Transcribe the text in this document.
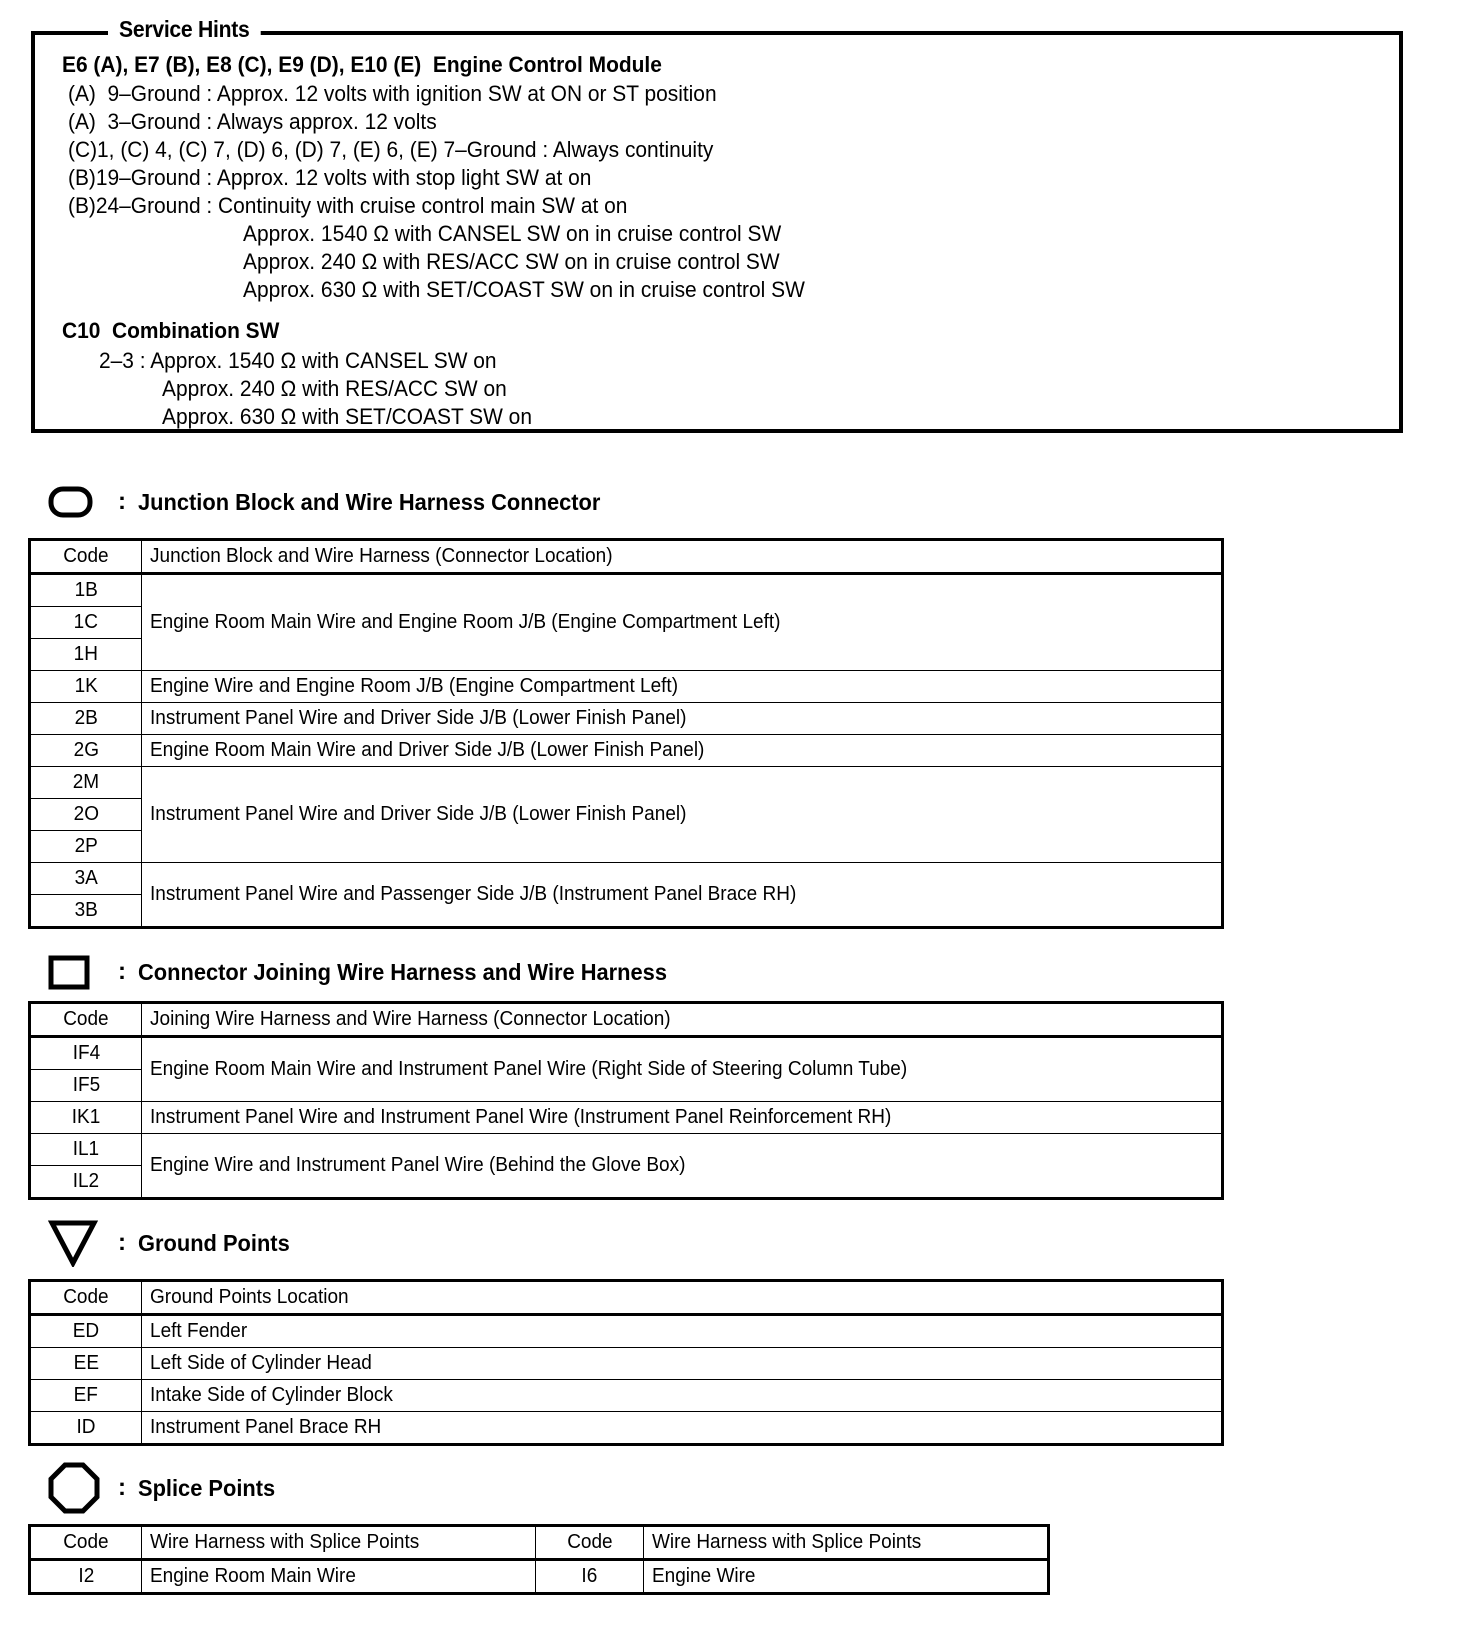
Service Hints
E6 (A), E7 (B), E8 (C), E9 (D), E10 (E)  Engine Control Module
(A)  9–Ground : Approx. 12 volts with ignition SW at ON or ST position
(A)  3–Ground : Always approx. 12 volts
(C)1, (C) 4, (C) 7, (D) 6, (D) 7, (E) 6, (E) 7–Ground : Always continuity
(B)19–Ground : Approx. 12 volts with stop light SW at on
(B)24–Ground : Continuity with cruise control main SW at on
Approx. 1540 Ω with CANSEL SW on in cruise control SW
Approx. 240 Ω with RES/ACC SW on in cruise control SW
Approx. 630 Ω with SET/COAST SW on in cruise control SW
C10  Combination SW
2–3 : Approx. 1540 Ω with CANSEL SW on
Approx. 240 Ω with RES/ACC SW on
Approx. 630 Ω with SET/COAST SW on
: Junction Block and Wire Harness Connector
Code	Junction Block and Wire Harness (Connector Location)
1B	Engine Room Main Wire and Engine Room J/B (Engine Compartment Left)
1C	
1H	
1K	Engine Wire and Engine Room J/B (Engine Compartment Left)
2B	Instrument Panel Wire and Driver Side J/B (Lower Finish Panel)
2G	Engine Room Main Wire and Driver Side J/B (Lower Finish Panel)
2M	Instrument Panel Wire and Driver Side J/B (Lower Finish Panel)
2O	
2P	
3A	Instrument Panel Wire and Passenger Side J/B (Instrument Panel Brace RH)
3B	
: Connector Joining Wire Harness and Wire Harness
Code	Joining Wire Harness and Wire Harness (Connector Location)
IF4	Engine Room Main Wire and Instrument Panel Wire (Right Side of Steering Column Tube)
IF5	
IK1	Instrument Panel Wire and Instrument Panel Wire (Instrument Panel Reinforcement RH)
IL1	Engine Wire and Instrument Panel Wire (Behind the Glove Box)
IL2	
: Ground Points
Code	Ground Points Location
ED	Left Fender
EE	Left Side of Cylinder Head
EF	Intake Side of Cylinder Block
ID	Instrument Panel Brace RH
: Splice Points
Code	Wire Harness with Splice Points	Code	Wire Harness with Splice Points
I2	Engine Room Main Wire	I6	Engine Wire
